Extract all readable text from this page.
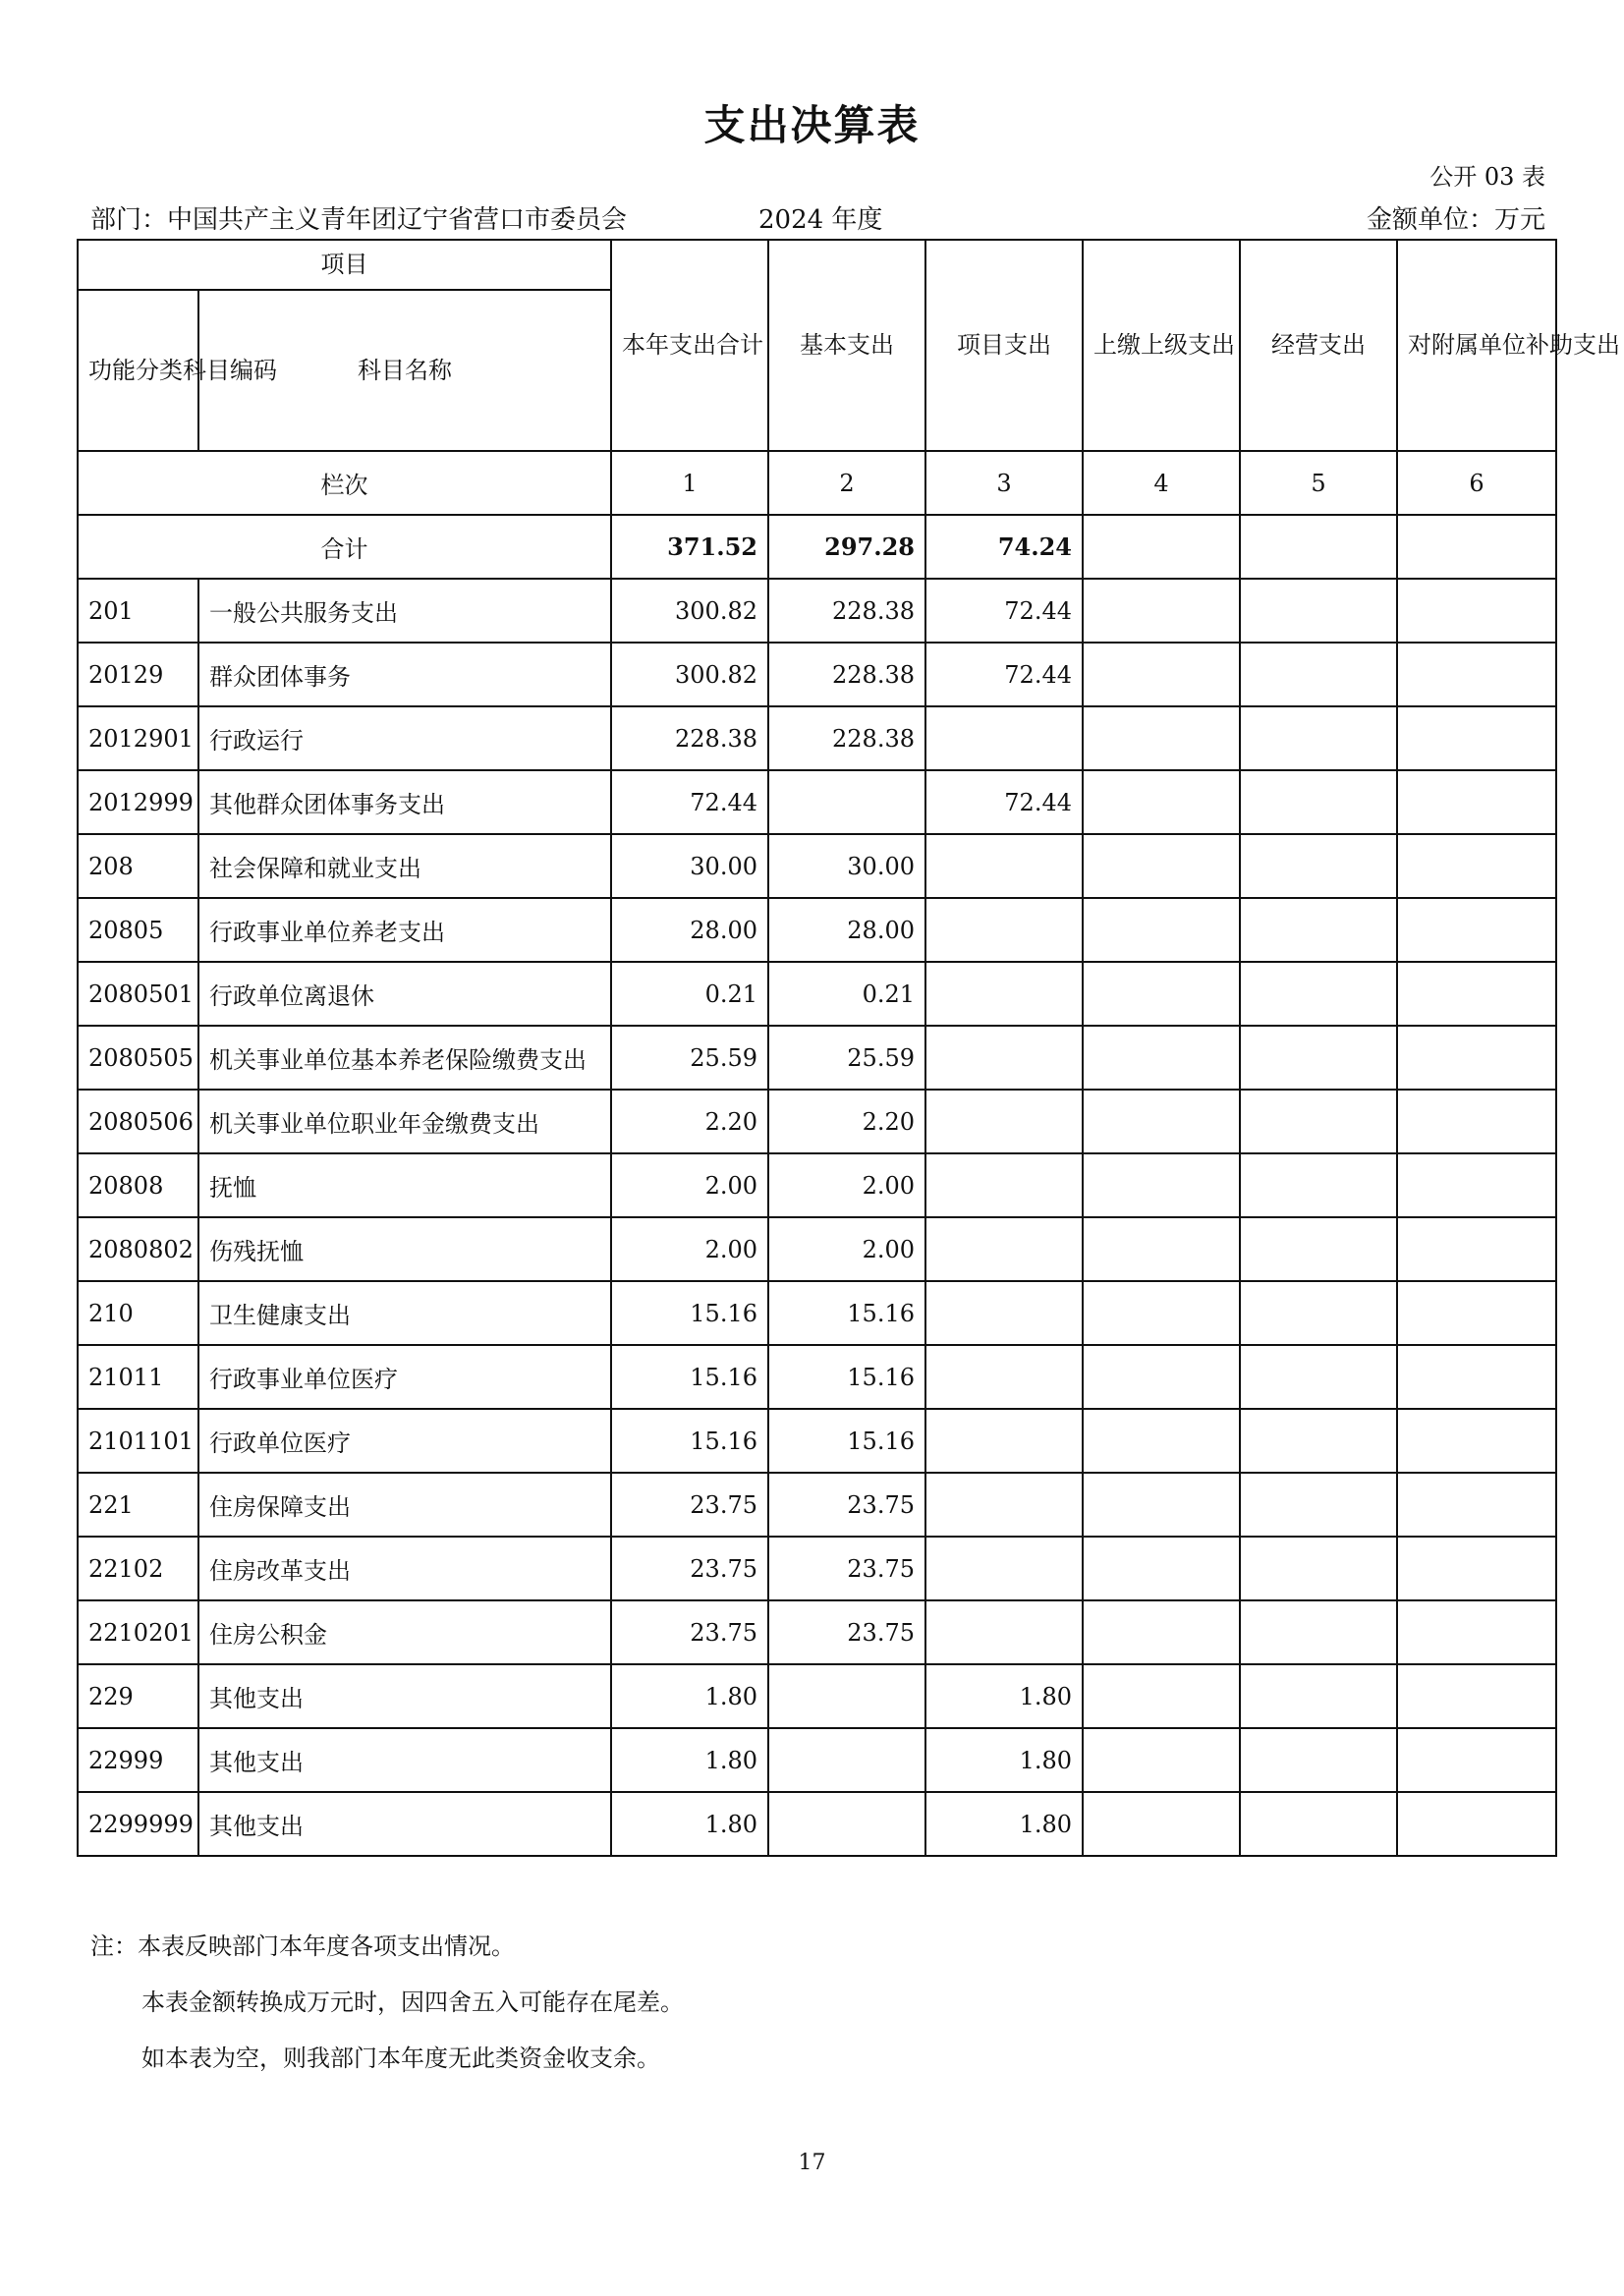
支出决算表
公开 03 表
部门：中国共产主义青年团辽宁省营口市委员会	2024 年度	金额单位：万元
项目		本年支出合计	基本支出	项目支出	上缴上级支出	经营支出	对附属单位补助支出
功能分类科目编码	科目名称						
栏次		1	2	3	4	5	6
合计		371.52	297.28	74.24			
201	一般公共服务支出	300.82	228.38	72.44			
20129	群众团体事务	300.82	228.38	72.44			
2012901	行政运行	228.38	228.38				
2012999	其他群众团体事务支出	72.44		72.44			
208	社会保障和就业支出	30.00	30.00				
20805	行政事业单位养老支出	28.00	28.00				
2080501	行政单位离退休	0.21	0.21				
2080505	机关事业单位基本养老保险缴费支出	25.59	25.59				
2080506	机关事业单位职业年金缴费支出	2.20	2.20				
20808	抚恤	2.00	2.00				
2080802	伤残抚恤	2.00	2.00				
210	卫生健康支出	15.16	15.16				
21011	行政事业单位医疗	15.16	15.16				
2101101	行政单位医疗	15.16	15.16				
221	住房保障支出	23.75	23.75				
22102	住房改革支出	23.75	23.75				
2210201	住房公积金	23.75	23.75				
229	其他支出	1.80		1.80			
22999	其他支出	1.80		1.80			
2299999	其他支出	1.80		1.80			
注：本表反映部门本年度各项支出情况。
本表金额转换成万元时，因四舍五入可能存在尾差。
如本表为空，则我部门本年度无此类资金收支余。
17
